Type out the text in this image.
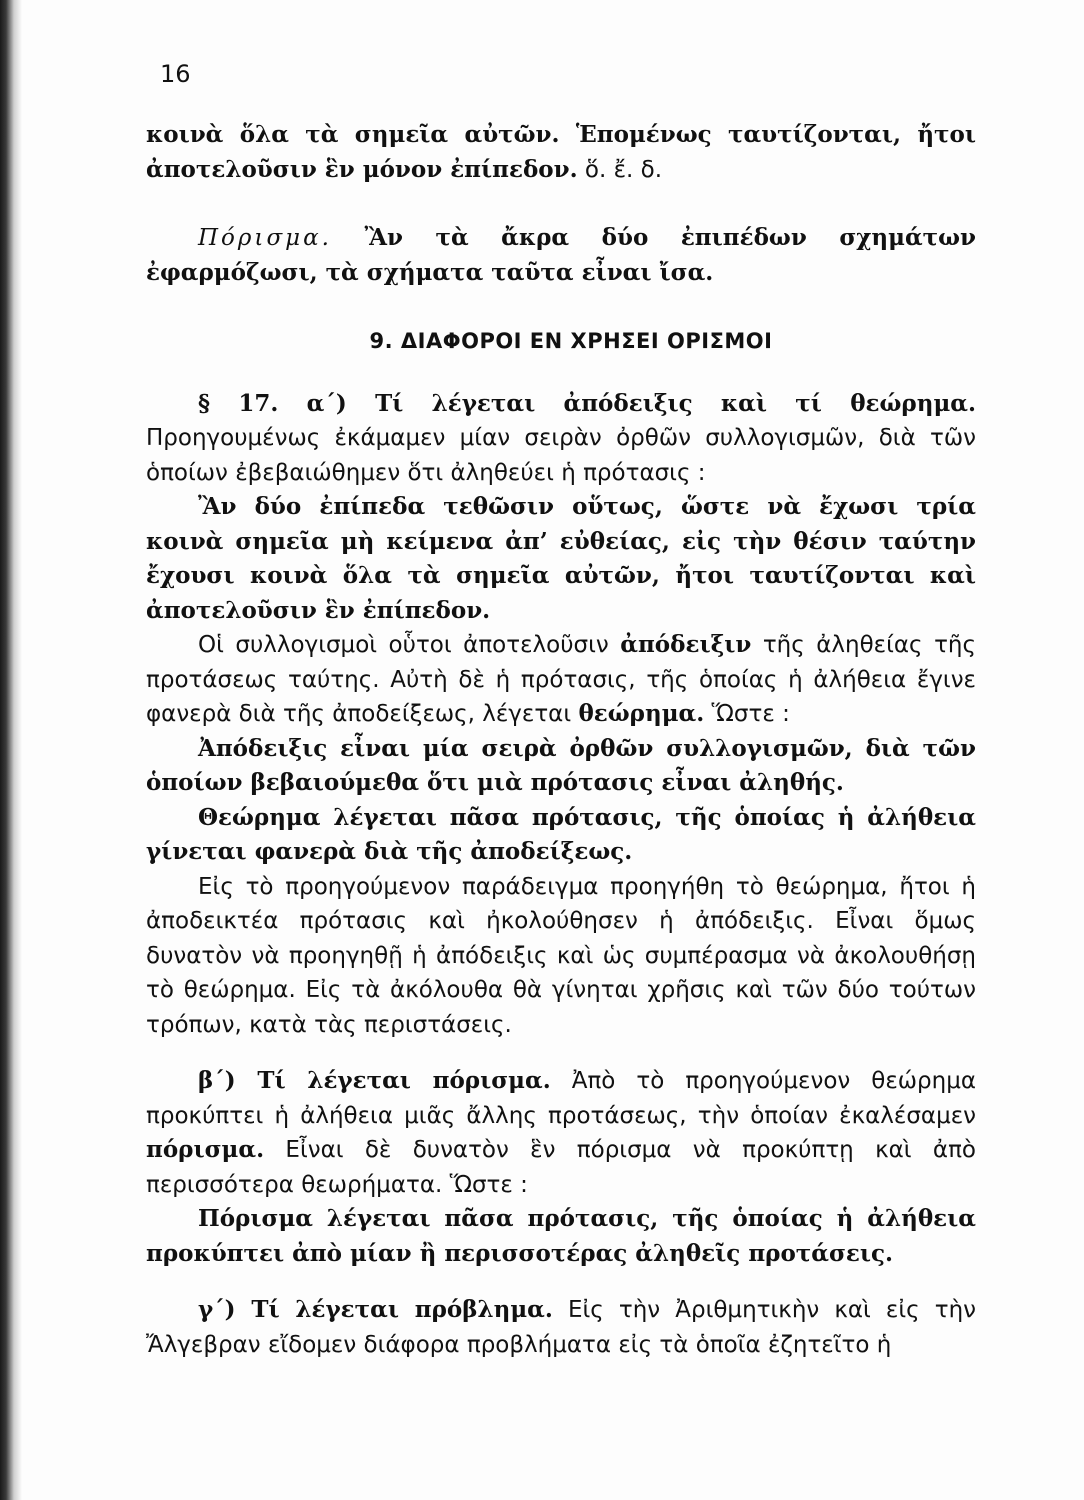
16

κοινὰ ὅλα τὰ σημεῖα αὐτῶν. Ἑπομένως ταυτίζονται, ἤτοι ἀποτελοῦσιν ἓν μόνον ἐπίπεδον. ὅ. ἔ. δ.

Πόρισμα. Ἂν τὰ ἄκρα δύο ἐπιπέδων σχημάτων ἐφαρμόζωσι, τὰ σχήματα ταῦτα εἶναι ἴσα.

9. ΔΙΑΦΟΡΟΙ ΕΝ ΧΡΗΣΕΙ ΟΡΙΣΜΟΙ

§ 17. α΄) Τί λέγεται ἀπόδειξις καὶ τί θεώρημα. Προηγουμένως ἐκάμαμεν μίαν σειρὰν ὀρθῶν συλλογισμῶν, διὰ τῶν ὁποίων ἐβεβαιώθημεν ὅτι ἀληθεύει ἡ πρότασις :

Ἂν δύο ἐπίπεδα τεθῶσιν οὕτως, ὥστε νὰ ἔχωσι τρία κοινὰ σημεῖα μὴ κείμενα ἀπ’ εὐθείας, εἰς τὴν θέσιν ταύτην ἔχουσι κοινὰ ὅλα τὰ σημεῖα αὐτῶν, ἤτοι ταυτίζονται καὶ ἀποτελοῦσιν ἓν ἐπίπεδον.

Οἱ συλλογισμοὶ οὗτοι ἀποτελοῦσιν ἀπόδειξιν τῆς ἀληθείας τῆς προτάσεως ταύτης. Αὐτὴ δὲ ἡ πρότασις, τῆς ὁποίας ἡ ἀλήθεια ἔγινε φανερὰ διὰ τῆς ἀποδείξεως, λέγεται θεώρημα. Ὥστε :

Ἀπόδειξις εἶναι μία σειρὰ ὀρθῶν συλλογισμῶν, διὰ τῶν ὁποίων βεβαιούμεθα ὅτι μιὰ πρότασις εἶναι ἀληθής.

Θεώρημα λέγεται πᾶσα πρότασις, τῆς ὁποίας ἡ ἀλήθεια γίνεται φανερὰ διὰ τῆς ἀποδείξεως.

Εἰς τὸ προηγούμενον παράδειγμα προηγήθη τὸ θεώρημα, ἤτοι ἡ ἀποδεικτέα πρότασις καὶ ἠκολούθησεν ἡ ἀπόδειξις. Εἶναι ὅμως δυνατὸν νὰ προηγηθῇ ἡ ἀπόδειξις καὶ ὡς συμπέρασμα νὰ ἀκολουθήσῃ τὸ θεώρημα. Εἰς τὰ ἀκόλουθα θὰ γίνηται χρῆσις καὶ τῶν δύο τούτων τρόπων, κατὰ τὰς περιστάσεις.

β΄) Τί λέγεται πόρισμα. Ἀπὸ τὸ προηγούμενον θεώρημα προκύπτει ἡ ἀλήθεια μιᾶς ἄλλης προτάσεως, τὴν ὁποίαν ἐκαλέσαμεν πόρισμα. Εἶναι δὲ δυνατὸν ἓν πόρισμα νὰ προκύπτῃ καὶ ἀπὸ περισσότερα θεωρήματα. Ὥστε :

Πόρισμα λέγεται πᾶσα πρότασις, τῆς ὁποίας ἡ ἀλήθεια προκύπτει ἀπὸ μίαν ἢ περισσοτέρας ἀληθεῖς προτάσεις.

γ΄) Τί λέγεται πρόβλημα. Εἰς τὴν Ἀριθμητικὴν καὶ εἰς τὴν Ἄλγεβραν εἴδομεν διάφορα προβλήματα εἰς τὰ ὁποῖα ἐζητεῖτο ἡ
